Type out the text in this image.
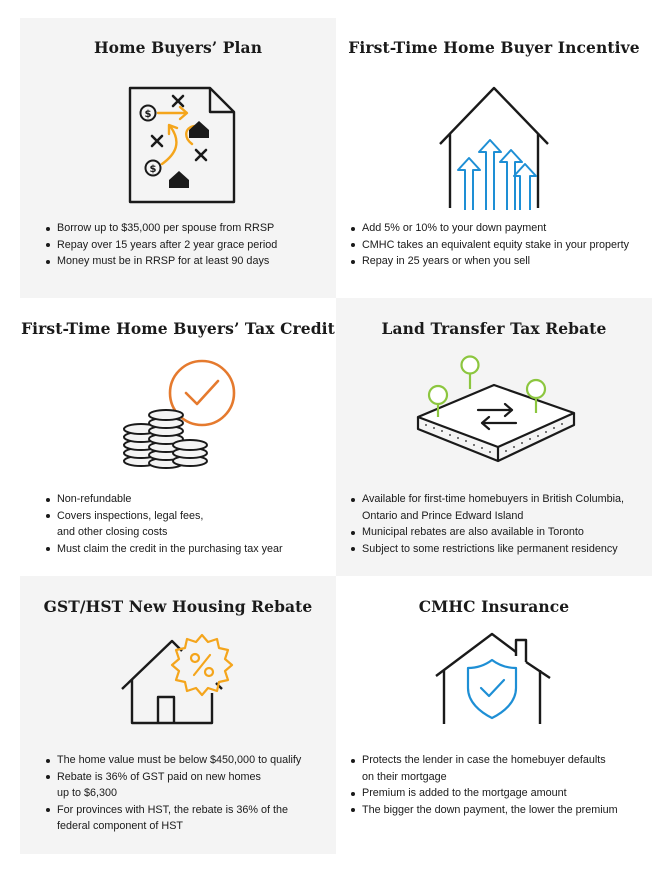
Home Buyers’ Plan
$
$
Borrow up to $35,000 per spouse from RRSP
Repay over 15 years after 2 year grace period
Money must be in RRSP for at least 90 days
First-Time Home Buyer Incentive
Add 5% or 10% to your down payment
CMHC takes an equivalent equity stake in your property
Repay in 25 years or when you sell
First-Time Home Buyers’ Tax Credit
Non-refundable
Covers inspections, legal fees,
and other closing costs
Must claim the credit in the purchasing tax year
Land Transfer Tax Rebate
Available for first-time homebuyers in British Columbia,
Ontario and Prince Edward Island
Municipal rebates are also available in Toronto
Subject to some restrictions like permanent residency
GST/HST New Housing Rebate
The home value must be below $450,000 to qualify
Rebate is 36% of GST paid on new homes
up to $6,300
For provinces with HST, the rebate is 36% of the
federal component of HST
CMHC Insurance
Protects the lender in case the homebuyer defaults
on their mortgage
Premium is added to the mortgage amount
The bigger the down payment, the lower the premium
